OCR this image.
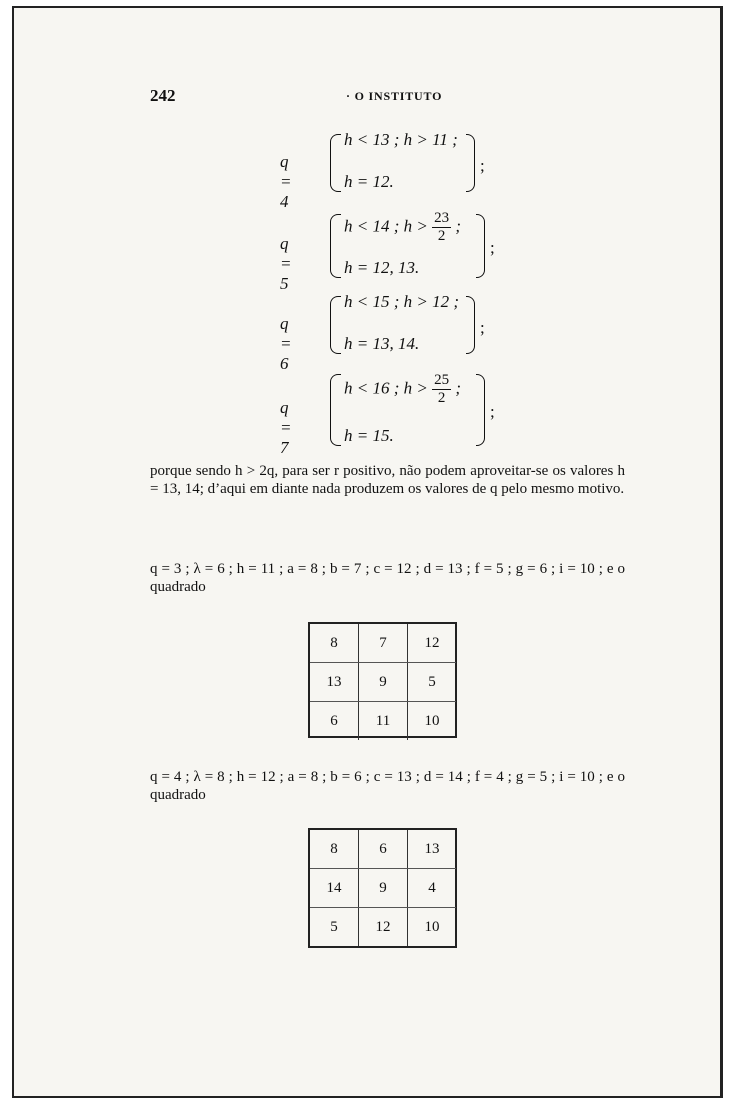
242	· O INSTITUTO
q = 4
h < 13 ; h > 11 ;
h = 12.
;
q = 5
h < 14 ; $h > \frac{23}{2}$ ;
h = 12, 13.
;
q = 6
h < 15 ; h > 12 ;
h = 13, 14.
;
q = 7
h < 16 ; $h > \frac{25}{2}$ ;
h = 15.
;

porque sendo h > 2q, para ser r positivo, não podem aproveitar-se os valores h = 13, 14; d’aqui em diante nada produzem os valores de q pelo mesmo motivo.

q = 3 ; λ = 6 ; h = 11 ; a = 8 ; b = 7 ; c = 12 ; d = 13 ; f = 5 ; g = 6 ; i = 10 ; e o quadrado

8	7	12
13	9	5
6	11	10

q = 4 ; λ = 8 ; h = 12 ; a = 8 ; b = 6 ; c = 13 ; d = 14 ; f = 4 ; g = 5 ; i = 10 ; e o quadrado

8	6	13
14	9	4
5	12	10
